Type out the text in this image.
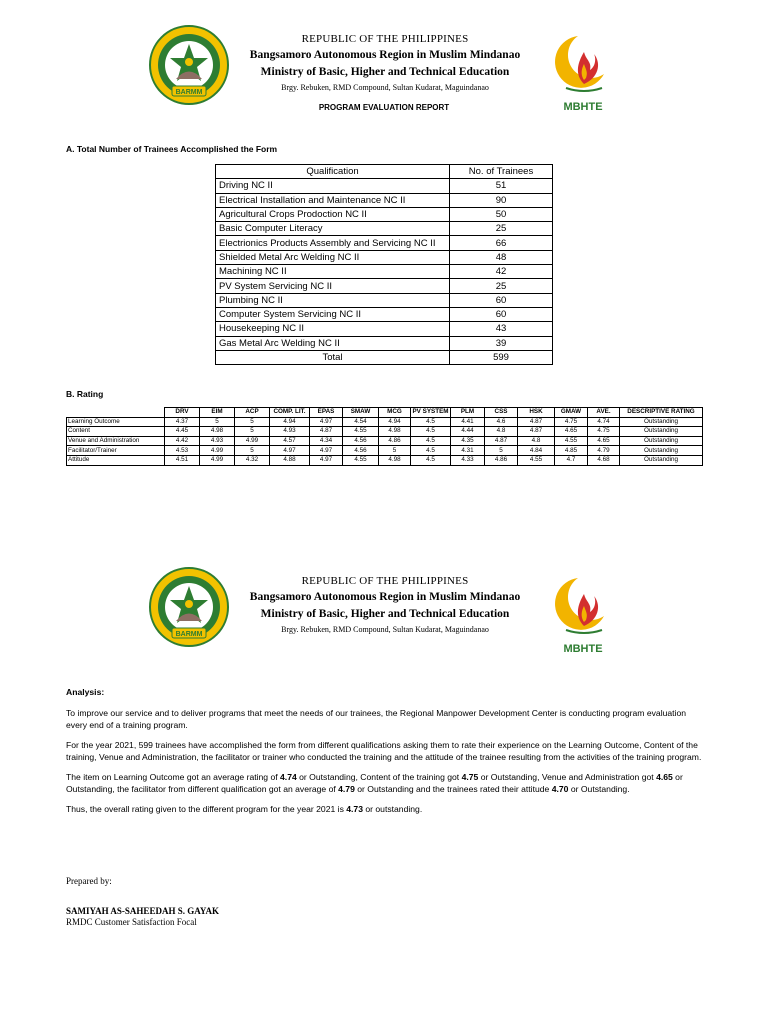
BARMM
REPUBLIC OF THE PHILIPPINES
Bangsamoro Autonomous Region in Muslim Mindanao
Ministry of Basic, Higher and Technical Education
Brgy. Rebuken, RMD Compound, Sultan Kudarat, Maguindanao
MBHTE
PROGRAM EVALUATION REPORT
A. Total Number of Trainees Accomplished the Form
Qualification	No. of Trainees
Driving NC II	51
Electrical Installation and Maintenance NC II	90
Agricultural Crops Prodoction NC II	50
Basic Computer Literacy	25
Electrionics Products Assembly and Servicing NC II	66
Shielded Metal Arc Welding NC II	48
Machining NC II	42
PV System Servicing NC II	25
Plumbing NC II	60
Computer System Servicing NC II	60
Housekeeping NC II	43
Gas Metal Arc Welding NC II	39
Total	599
B. Rating
	DRV	EIM	ACP	COMP. LIT.	EPAS	SMAW	MCG	PV SYSTEM	PLM	CSS	HSK	GMAW	AVE.	DESCRIPTIVE RATING
Learning Outcome	4.37	5	5	4.94	4.97	4.54	4.94	4.5	4.41	4.6	4.87	4.75	4.74	Outstanding
Content	4.45	4.98	5	4.93	4.87	4.55	4.98	4.5	4.44	4.8	4.87	4.65	4.75	Outstanding
Venue and Administration	4.42	4.93	4.99	4.57	4.34	4.56	4.86	4.5	4.35	4.87	4.8	4.55	4.65	Outstanding
Facilitator/Trainer	4.53	4.99	5	4.97	4.97	4.56	5	4.5	4.31	5	4.84	4.85	4.79	Outstanding
Attitude	4.51	4.99	4.32	4.88	4.97	4.55	4.98	4.5	4.33	4.86	4.55	4.7	4.68	Outstanding
BARMM
REPUBLIC OF THE PHILIPPINES
Bangsamoro Autonomous Region in Muslim Mindanao
Ministry of Basic, Higher and Technical Education
Brgy. Rebuken, RMD Compound, Sultan Kudarat, Maguindanao
MBHTE
Analysis:

To improve our service and to deliver programs that meet the needs of our trainees, the Regional Manpower Development Center is conducting program evaluation every end of a training program.

For the year 2021, 599 trainees have accomplished the form from different qualifications asking them to rate their experience on the Learning Outcome, Content of the training, Venue and Administration, the facilitator or trainer who conducted the training and the attitude of the trainee resulting from the activities of the training program.

The item on Learning Outcome got an average rating of 4.74 or Outstanding, Content of the training got 4.75 or Outstanding, Venue and Administration got 4.65 or Outstanding, the facilitator from different qualification got an average of 4.79 or Outstanding and the trainees rated their attitude 4.70 or Outstanding.

Thus, the overall rating given to the different program for the year 2021 is 4.73 or outstanding.

Prepared by:
SAMIYAH AS-SAHEEDAH S. GAYAK
RMDC Customer Satisfaction Focal
